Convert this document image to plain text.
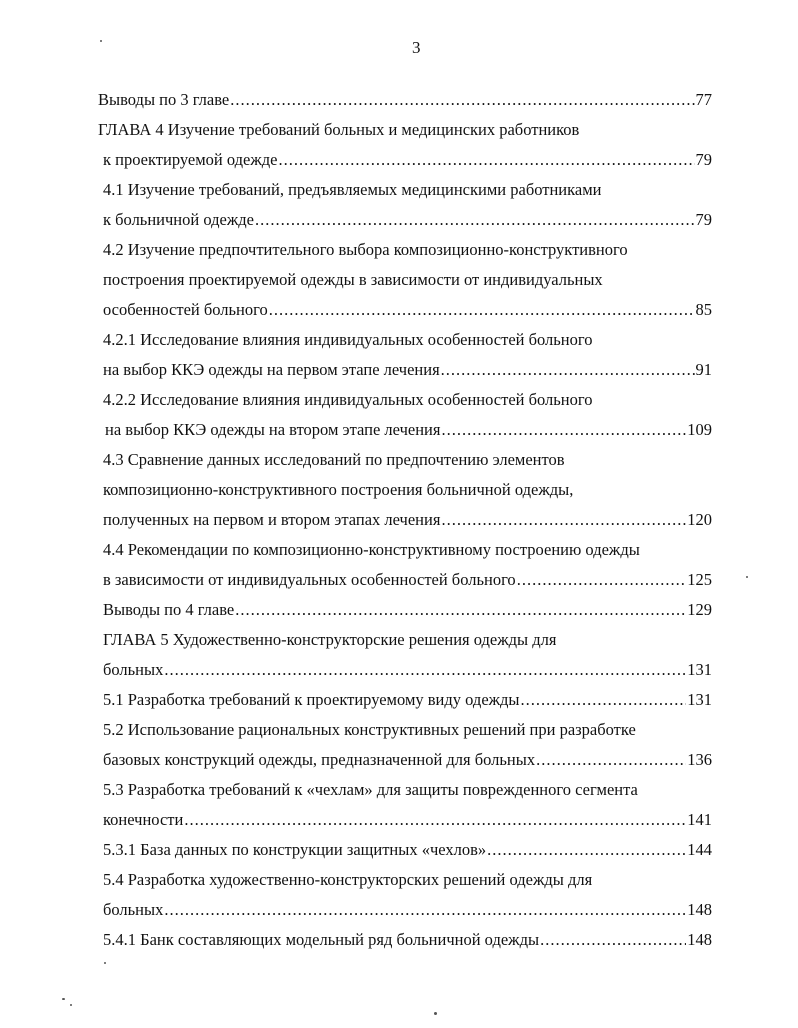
3
Выводы по 3 главе .....	77
ГЛАВА 4 Изучение требований больных и медицинских работников
к проектируемой одежде .....	79
4.1 Изучение требований, предъявляемых медицинскими работниками
к больничной одежде .....	79
4.2 Изучение предпочтительного выбора композиционно-конструктивного
построения проектируемой одежды в зависимости от индивидуальных
особенностей больного .....	85
4.2.1 Исследование влияния индивидуальных особенностей больного
на выбор ККЭ одежды на первом этапе лечения .....	91
4.2.2 Исследование влияния индивидуальных особенностей больного
на выбор ККЭ одежды на втором этапе лечения .....	109
4.3 Сравнение данных исследований по предпочтению элементов
композиционно-конструктивного построения больничной одежды,
полученных на первом и втором этапах лечения .....	120
4.4 Рекомендации по композиционно-конструктивному построению одежды
в зависимости от индивидуальных особенностей больного .....	125
Выводы по 4 главе .....	129
ГЛАВА 5 Художественно-конструкторские решения одежды для
больных .....	131
5.1 Разработка требований к проектируемому виду одежды .....	131
5.2 Использование рациональных конструктивных решений при разработке
базовых конструкций одежды, предназначенной для больных .....	136
5.3 Разработка требований к «чехлам» для защиты поврежденного сегмента
конечности .....	141
5.3.1 База данных по конструкции защитных «чехлов» .....	144
5.4 Разработка художественно-конструкторских решений одежды для
больных .....	148
5.4.1 Банк составляющих модельный ряд больничной одежды .....	148
